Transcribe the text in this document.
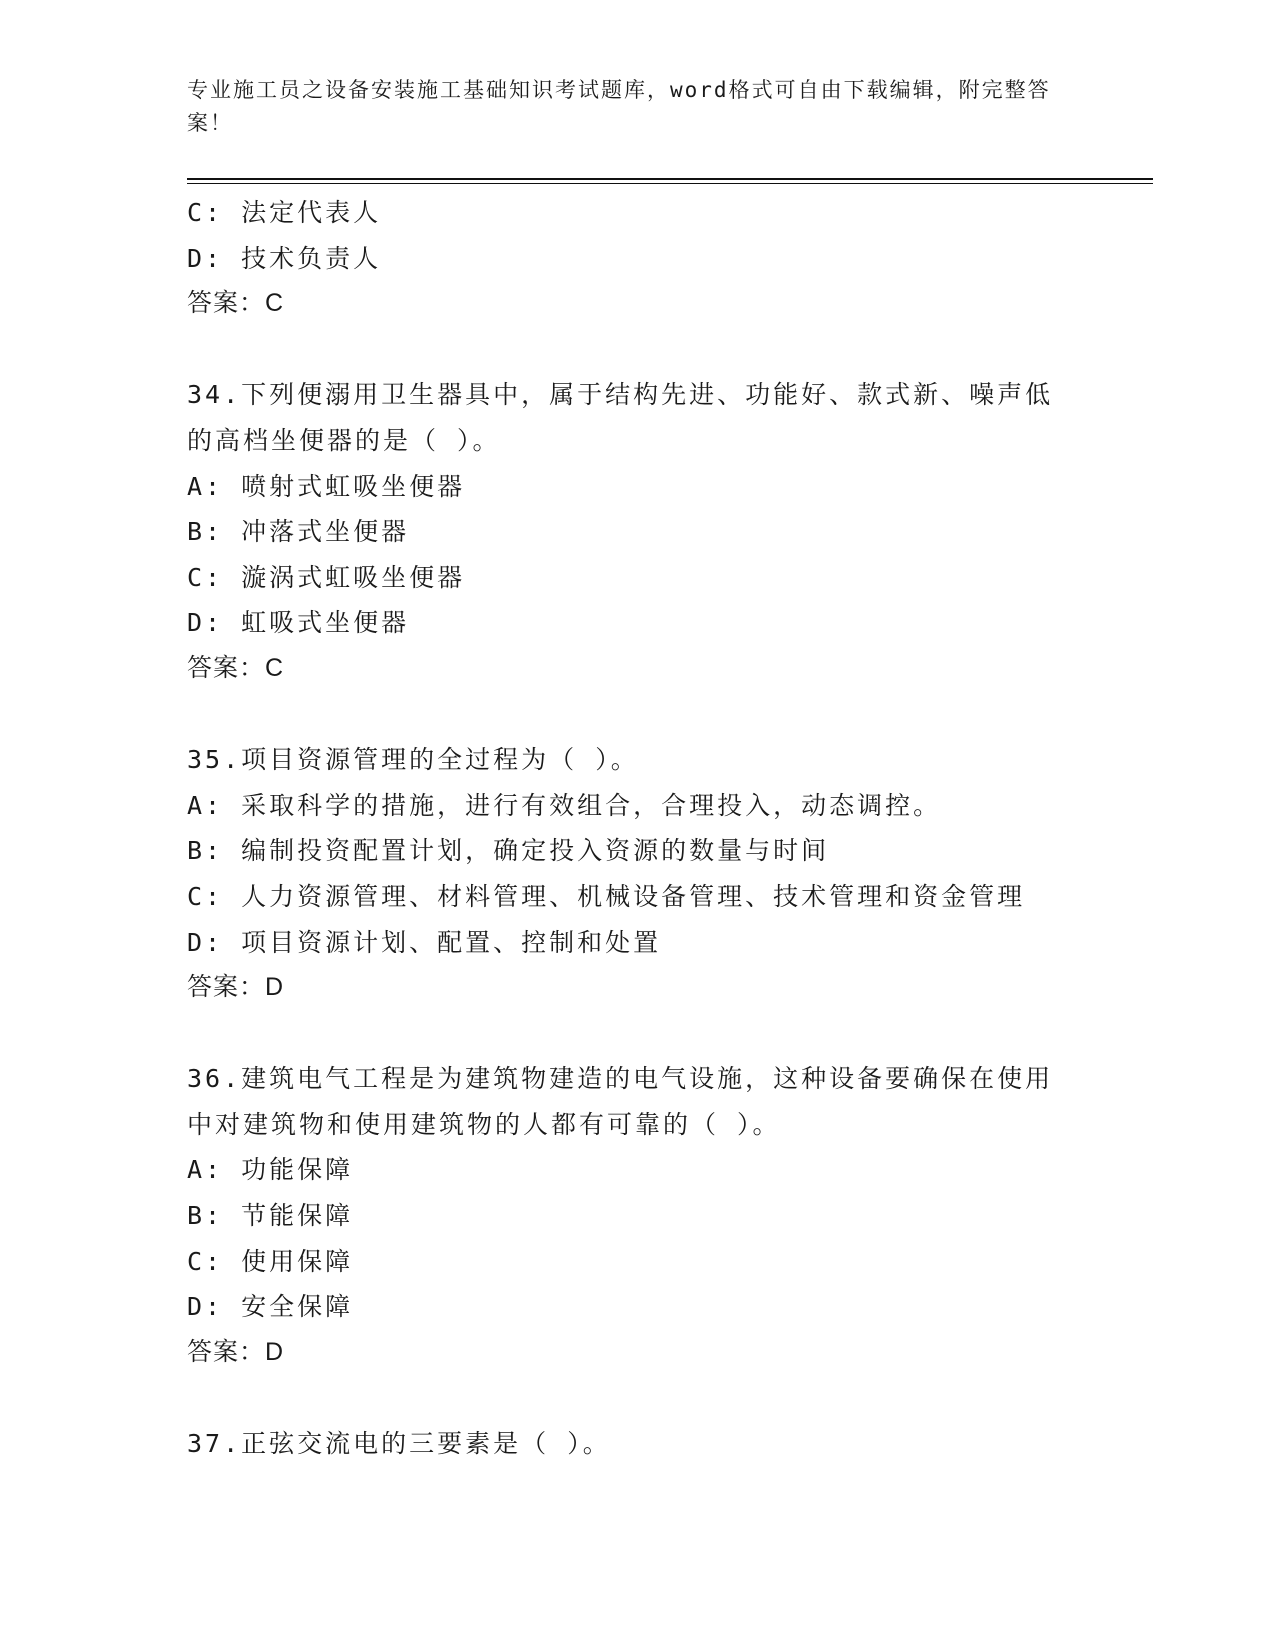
专业施工员之设备安装施工基础知识考试题库，word格式可自由下载编辑，附完整答案！
C: 法定代表人
D: 技术负责人
答案：C
34.下列便溺用卫生器具中，属于结构先进、功能好、款式新、噪声低
的高档坐便器的是（ ）。
A: 喷射式虹吸坐便器
B: 冲落式坐便器
C: 漩涡式虹吸坐便器
D: 虹吸式坐便器
答案：C
35.项目资源管理的全过程为（ ）。
A: 采取科学的措施，进行有效组合，合理投入，动态调控。
B: 编制投资配置计划，确定投入资源的数量与时间
C: 人力资源管理、材料管理、机械设备管理、技术管理和资金管理
D: 项目资源计划、配置、控制和处置
答案：D
36.建筑电气工程是为建筑物建造的电气设施，这种设备要确保在使用
中对建筑物和使用建筑物的人都有可靠的（ ）。
A: 功能保障
B: 节能保障
C: 使用保障
D: 安全保障
答案：D
37.正弦交流电的三要素是（ ）。
